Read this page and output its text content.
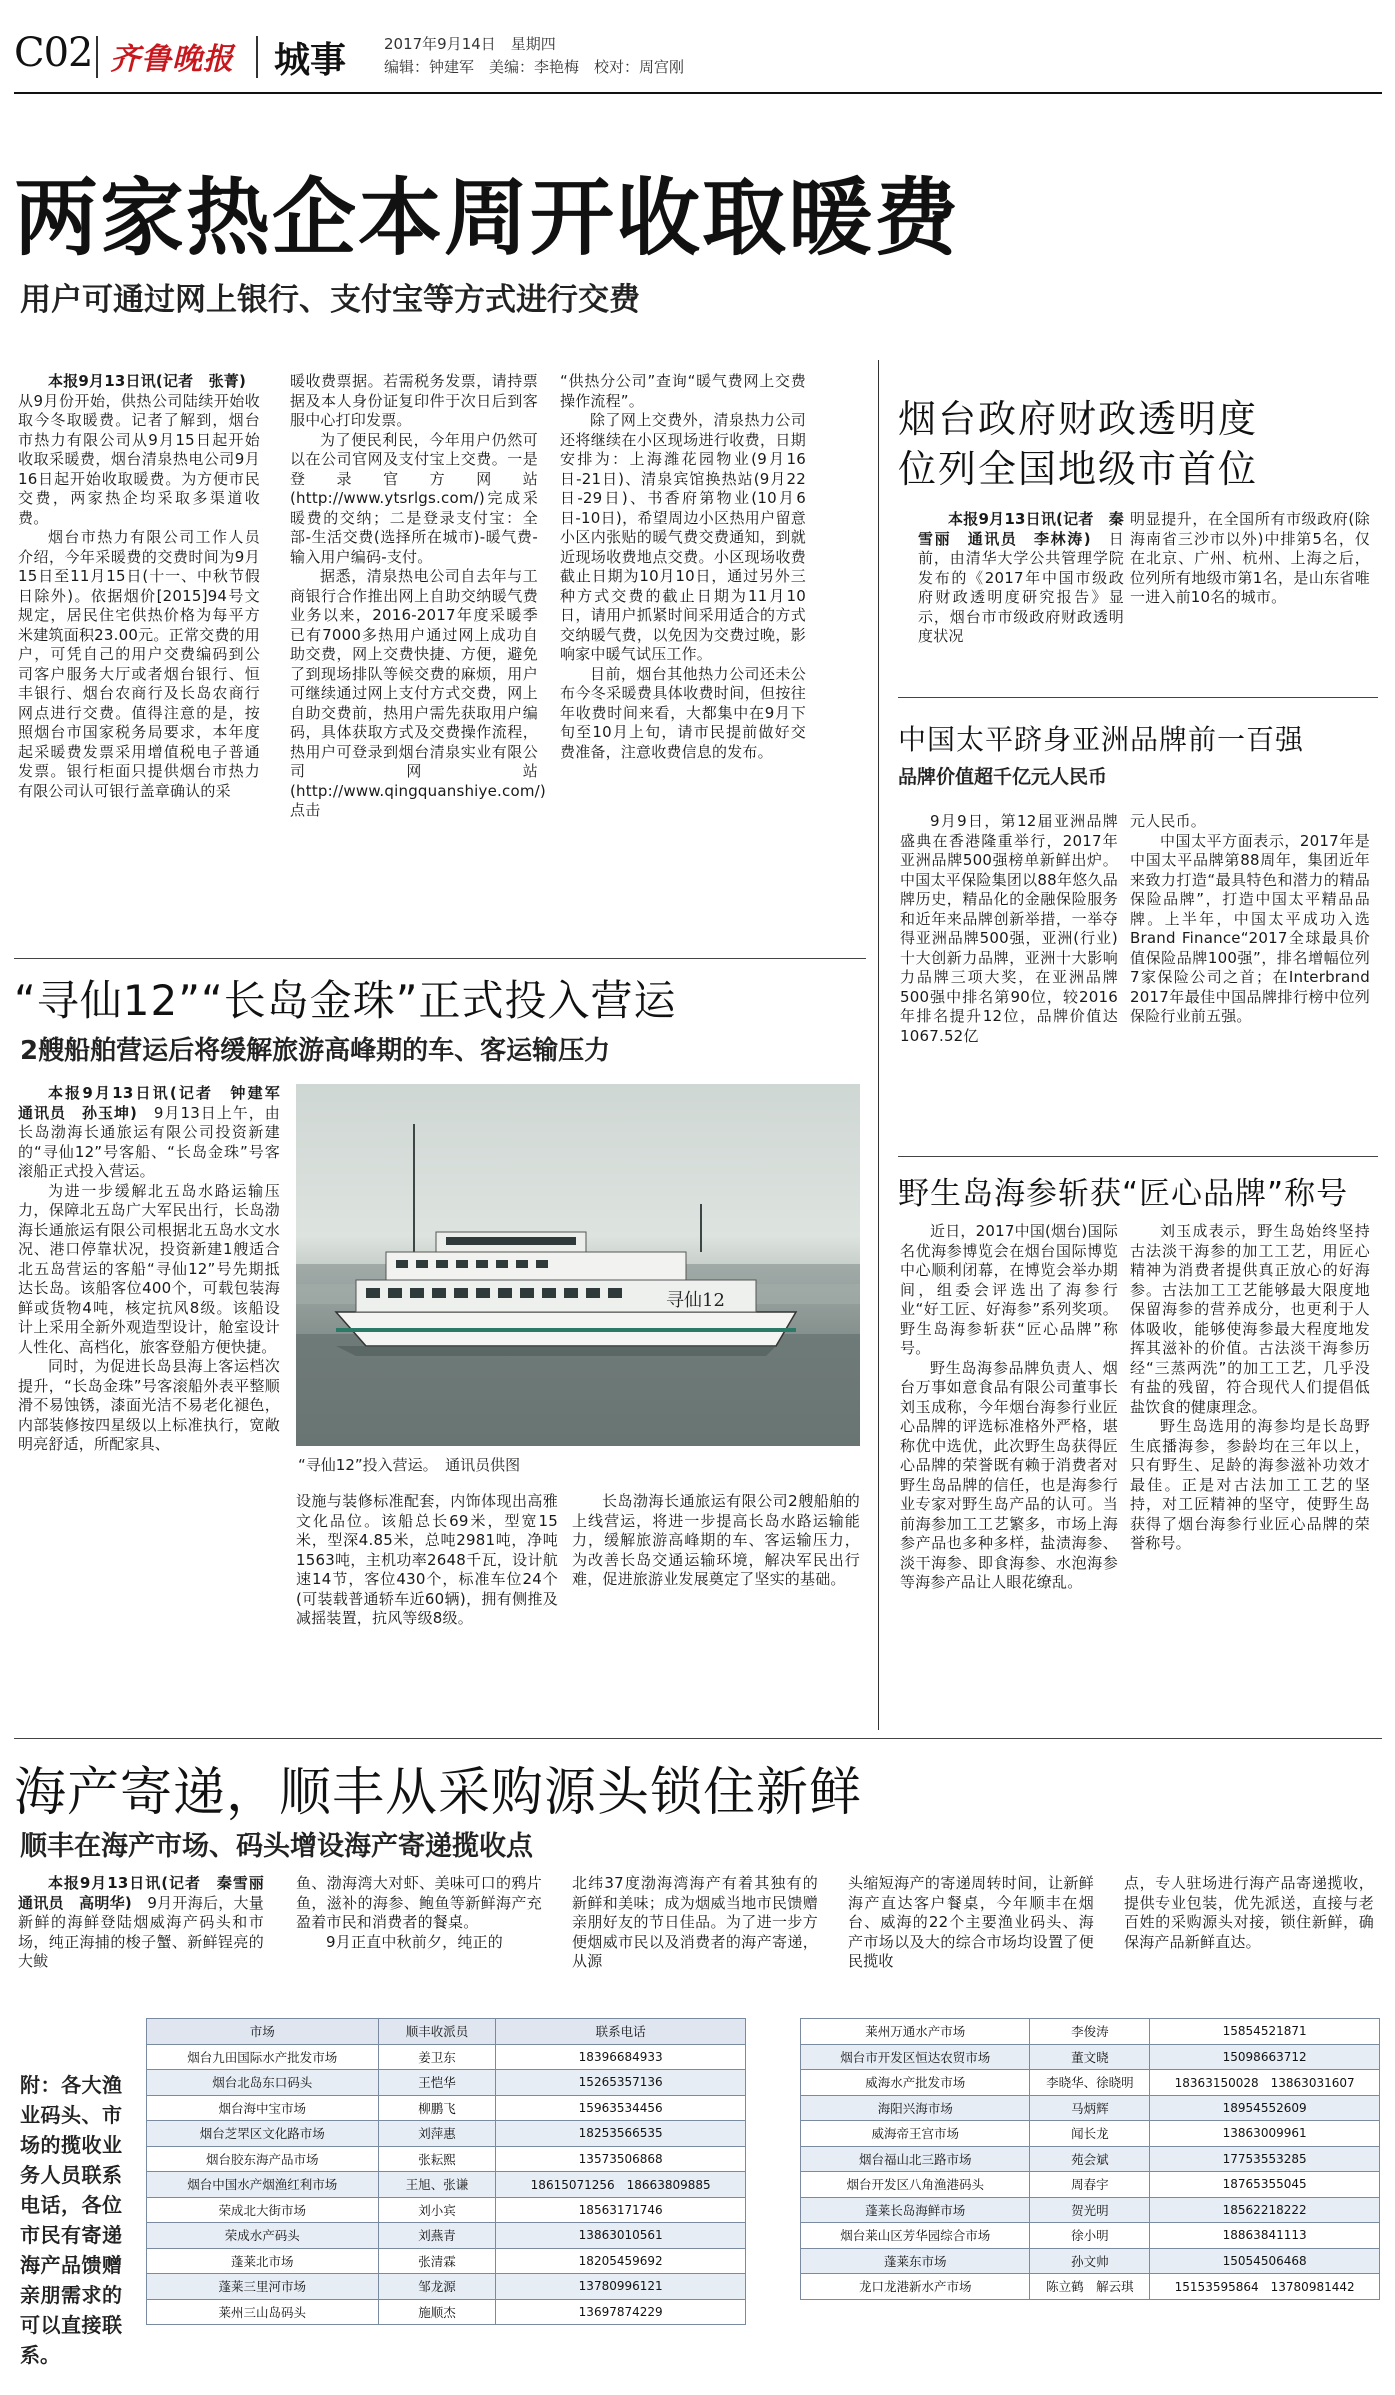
C02 齐鲁晚报 城事	2017年9月14日　星期四
编辑：钟建军　美编：李艳梅　校对：周宫刚
两家热企本周开收取暖费
用户可通过网上银行、支付宝等方式进行交费

本报9月13日讯(记者　张菁)　从9月份开始，供热公司陆续开始收取今冬取暖费。记者了解到，烟台市热力有限公司从9月15日起开始收取采暖费，烟台清泉热电公司9月16日起开始收取暖费。为方便市民交费，两家热企均采取多渠道收费。

烟台市热力有限公司工作人员介绍，今年采暖费的交费时间为9月15日至11月15日(十一、中秋节假日除外)。依据烟价[2015]94号文规定，居民住宅供热价格为每平方米建筑面积23.00元。正常交费的用户，可凭自己的用户交费编码到公司客户服务大厅或者烟台银行、恒丰银行、烟台农商行及长岛农商行网点进行交费。值得注意的是，按照烟台市国家税务局要求，本年度起采暖费发票采用增值税电子普通发票。银行柜面只提供烟台市热力有限公司认可银行盖章确认的采

暖收费票据。若需税务发票，请持票据及本人身份证复印件于次日后到客服中心打印发票。

为了便民利民，今年用户仍然可以在公司官网及支付宝上交费。一是登录官方网站(http://www.ytsrlgs.com/)完成采暖费的交纳；二是登录支付宝：全部-生活交费(选择所在城市)-暖气费-输入用户编码-支付。

据悉，清泉热电公司自去年与工商银行合作推出网上自助交纳暖气费业务以来，2016-2017年度采暖季已有7000多热用户通过网上成功自助交费，网上交费快捷、方便，避免了到现场排队等候交费的麻烦，用户可继续通过网上支付方式交费，网上自助交费前，热用户需先获取用户编码，具体获取方式及交费操作流程，热用户可登录到烟台清泉实业有限公司网站(http://www.qingquanshiye.com/)点击

“供热分公司”查询“暖气费网上交费操作流程”。

除了网上交费外，清泉热力公司还将继续在小区现场进行收费，日期安排为：上海潍花园物业(9月16日-21日)、清泉宾馆换热站(9月22日-29日)、书香府第物业(10月6日-10日)，希望周边小区热用户留意小区内张贴的暖气费交费通知，到就近现场收费地点交费。小区现场收费截止日期为10月10日，通过另外三种方式交费的截止日期为11月10日，请用户抓紧时间采用适合的方式交纳暖气费，以免因为交费过晚，影响家中暖气试压工作。

目前，烟台其他热力公司还未公布今冬采暖费具体收费时间，但按往年收费时间来看，大都集中在9月下旬至10月上旬，请市民提前做好交费准备，注意收费信息的发布。

烟台政府财政透明度
位列全国地级市首位

本报9月13日讯(记者　秦雪丽　通讯员　李林涛)　日前，由清华大学公共管理学院发布的《2017年中国市级政府财政透明度研究报告》显示，烟台市市级政府财政透明度状况

明显提升，在全国所有市级政府(除海南省三沙市以外)中排第5名，仅在北京、广州、杭州、上海之后，位列所有地级市第1名，是山东省唯一进入前10名的城市。

中国太平跻身亚洲品牌前一百强
品牌价值超千亿元人民币

9月9日，第12届亚洲品牌盛典在香港隆重举行，2017年亚洲品牌500强榜单新鲜出炉。中国太平保险集团以88年悠久品牌历史，精品化的金融保险服务和近年来品牌创新举措，一举夺得亚洲品牌500强，亚洲(行业)十大创新力品牌，亚洲十大影响力品牌三项大奖，在亚洲品牌500强中排名第90位，较2016年排名提升12位，品牌价值达1067.52亿

元人民币。

中国太平方面表示，2017年是中国太平品牌第88周年，集团近年来致力打造“最具特色和潜力的精品保险品牌”，打造中国太平精品品牌。上半年，中国太平成功入选Brand Finance“2017全球最具价值保险品牌100强”，排名增幅位列7家保险公司之首；在Interbrand 2017年最佳中国品牌排行榜中位列保险行业前五强。

“寻仙12”“长岛金珠”正式投入营运
2艘船舶营运后将缓解旅游高峰期的车、客运输压力

本报9月13日讯(记者　钟建军　通讯员　孙玉坤)　9月13日上午，由长岛渤海长通旅运有限公司投资新建的“寻仙12”号客船、“长岛金珠”号客滚船正式投入营运。

为进一步缓解北五岛水路运输压力，保障北五岛广大军民出行，长岛渤海长通旅运有限公司根据北五岛水文水况、港口停靠状况，投资新建1艘适合北五岛营运的客船“寻仙12”号先期抵达长岛。该船客位400个，可载包装海鲜或货物4吨，核定抗风8级。该船设计上采用全新外观造型设计，舱室设计人性化、高档化，旅客登船方便快捷。

同时，为促进长岛县海上客运档次提升，“长岛金珠”号客滚船外表平整顺滑不易蚀锈，漆面光洁不易老化褪色，内部装修按四星级以上标准执行，宽敞明亮舒适，所配家具、

寻仙12
“寻仙12”投入营运。　通讯员供图

设施与装修标准配套，内饰体现出高雅文化品位。该船总长69米，型宽15米，型深4.85米，总吨2981吨，净吨1563吨，主机功率2648千瓦，设计航速14节，客位430个，标准车位24个(可装载普通轿车近60辆)，拥有侧推及减摇装置，抗风等级8级。

长岛渤海长通旅运有限公司2艘船舶的上线营运，将进一步提高长岛水路运输能力，缓解旅游高峰期的车、客运输压力，为改善长岛交通运输环境，解决军民出行难，促进旅游业发展奠定了坚实的基础。

野生岛海参斩获“匠心品牌”称号

近日，2017中国(烟台)国际名优海参博览会在烟台国际博览中心顺利闭幕，在博览会举办期间，组委会评选出了海参行业“好工匠、好海参”系列奖项。野生岛海参斩获“匠心品牌”称号。

野生岛海参品牌负责人、烟台万事如意食品有限公司董事长刘玉成称，今年烟台海参行业匠心品牌的评选标准格外严格，堪称优中选优，此次野生岛获得匠心品牌的荣誉既有赖于消费者对野生岛品牌的信任，也是海参行业专家对野生岛产品的认可。当前海参加工工艺繁多，市场上海参产品也多种多样，盐渍海参、淡干海参、即食海参、水泡海参等海参产品让人眼花缭乱。

刘玉成表示，野生岛始终坚持古法淡干海参的加工工艺，用匠心精神为消费者提供真正放心的好海参。古法加工工艺能够最大限度地保留海参的营养成分，也更利于人体吸收，能够使海参最大程度地发挥其滋补的价值。古法淡干海参历经“三蒸两洗”的加工工艺，几乎没有盐的残留，符合现代人们提倡低盐饮食的健康理念。

野生岛选用的海参均是长岛野生底播海参，参龄均在三年以上，只有野生、足龄的海参滋补功效才最佳。正是对古法加工工艺的坚持，对工匠精神的坚守，使野生岛获得了烟台海参行业匠心品牌的荣誉称号。

海产寄递，顺丰从采购源头锁住新鲜
顺丰在海产市场、码头增设海产寄递揽收点

本报9月13日讯(记者　秦雪丽　通讯员　高明华)　9月开海后，大量新鲜的海鲜登陆烟威海产码头和市场，纯正海捕的梭子蟹、新鲜锃亮的大鲅

鱼、渤海湾大对虾、美味可口的鸦片鱼，滋补的海参、鲍鱼等新鲜海产充盈着市民和消费者的餐桌。

9月正直中秋前夕，纯正的

北纬37度渤海湾海产有着其独有的新鲜和美味；成为烟威当地市民馈赠亲朋好友的节日佳品。为了进一步方便烟威市民以及消费者的海产寄递，从源

头缩短海产的寄递周转时间，让新鲜海产直达客户餐桌，今年顺丰在烟台、威海的22个主要渔业码头、海产市场以及大的综合市场均设置了便民揽收

点，专人驻场进行海产品寄递揽收，提供专业包装，优先派送，直接与老百姓的采购源头对接，锁住新鲜，确保海产品新鲜直达。

附：各大渔业码头、市场的揽收业务人员联系电话，各位市民有寄递海产品馈赠亲朋需求的可以直接联系。
市场	顺丰收派员	联系电话
烟台九田国际水产批发市场	姜卫东	18396684933
烟台北岛东口码头	王恺华	15265357136
烟台海中宝市场	柳鹏飞	15963534456
烟台芝罘区文化路市场	刘萍惠	18253566535
烟台胶东海产品市场	张耘熙	13573506868
烟台中国水产烟渔红利市场	王旭、张谦	18615071256　18663809885
荣成北大街市场	刘小宾	18563171746
荣成水产码头	刘燕青	13863010561
蓬莱北市场	张清霖	18205459692
蓬莱三里河市场	邹龙源	13780996121
莱州三山岛码头	施顺杰	13697874229
莱州万通水产市场	李俊涛	15854521871
烟台市开发区恒达农贸市场	董文晓	15098663712
威海水产批发市场	李晓华、徐晓明	18363150028　13863031607
海阳兴海市场	马炳辉	18954552609
威海帝王宫市场	闻长龙	13863009961
烟台福山北三路市场	苑会斌	17753553285
烟台开发区八角渔港码头	周春宇	18765355045
蓬莱长岛海鲜市场	贺光明	18562218222
烟台莱山区芳华园综合市场	徐小明	18863841113
蓬莱东市场	孙文帅	15054506468
龙口龙港新水产市场	陈立鹤　解云琪	15153595864　13780981442
